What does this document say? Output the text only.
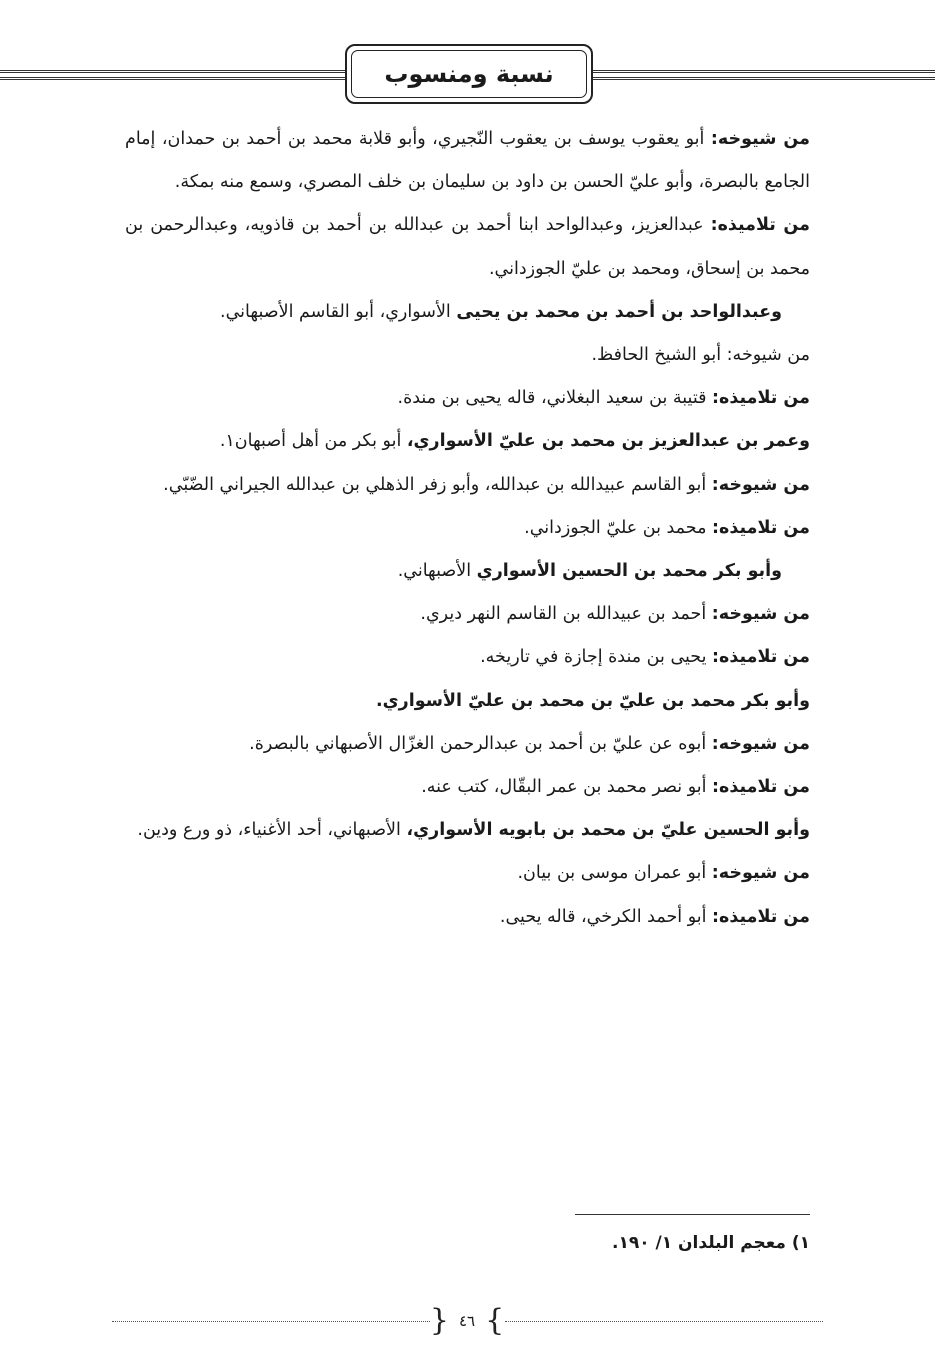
نسبة ومنسوب

من شيوخه: أبو يعقوب يوسف بن يعقوب النّجيري، وأبو قلابة محمد بن أحمد بن حمدان، إمام الجامع بالبصرة، وأبو عليّ الحسن بن داود بن سليمان بن خلف المصري، وسمع منه بمكة.

من تلاميذه: عبدالعزيز، وعبدالواحد ابنا أحمد بن عبدالله بن أحمد بن قاذويه، وعبدالرحمن بن محمد بن إسحاق، ومحمد بن عليّ الجوزداني.

وعبدالواحد بن أحمد بن محمد بن يحيى الأسواري، أبو القاسم الأصبهاني.

من شيوخه: أبو الشيخ الحافظ.

من تلاميذه: قتيبة بن سعيد البغلاني، قاله يحيى بن مندة.

وعمر بن عبدالعزيز بن محمد بن عليّ الأسواري، أبو بكر من أهل أصبهان١.

من شيوخه: أبو القاسم عبيدالله بن عبدالله، وأبو زفر الذهلي بن عبدالله الجيراني الضّبّي.

من تلاميذه: محمد بن عليّ الجوزداني.

وأبو بكر محمد بن الحسين الأسواري الأصبهاني.

من شيوخه: أحمد بن عبيدالله بن القاسم النهر ديري.

من تلاميذه: يحيى بن مندة إجازة في تاريخه.

وأبو بكر محمد بن عليّ بن محمد بن عليّ الأسواري.

من شيوخه: أبوه عن عليّ بن أحمد بن عبدالرحمن الغزّال الأصبهاني بالبصرة.

من تلاميذه: أبو نصر محمد بن عمر البقّال، كتب عنه.

وأبو الحسين عليّ بن محمد بن بابويه الأسواري، الأصبهاني، أحد الأغنياء، ذو ورع ودين.

من شيوخه: أبو عمران موسى بن بيان.

من تلاميذه: أبو أحمد الكرخي، قاله يحيى.

١) معجم البلدان ١/ ١٩٠.
}
٤٦
{
